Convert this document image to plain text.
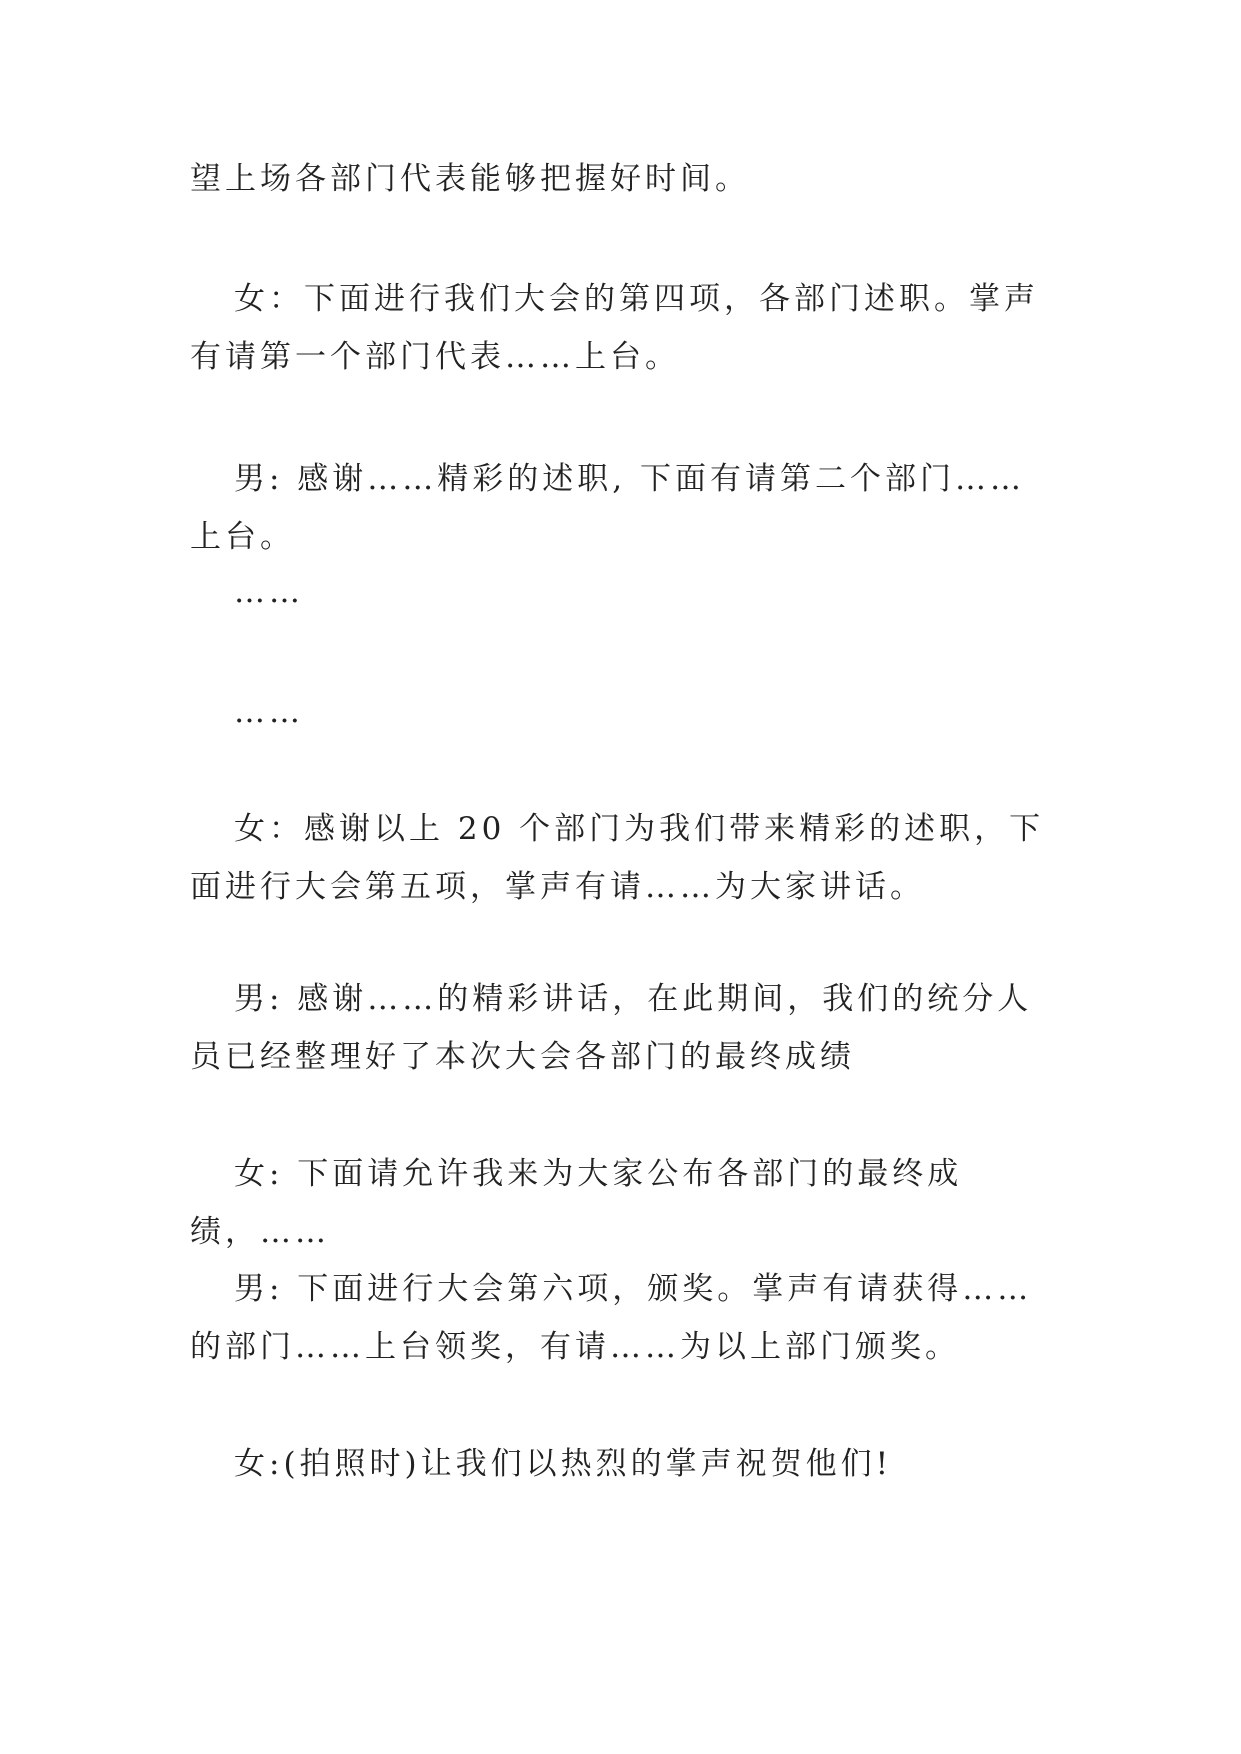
望上场各部门代表能够把握好时间。

女：下面进行我们大会的第四项，各部门述职。掌声有请第一个部门代表……上台。

男: 感谢……精彩的述职, 下面有请第二个部门……上台。

……

……

女：感谢以上 20 个部门为我们带来精彩的述职，下面进行大会第五项，掌声有请……为大家讲话。

男: 感谢……的精彩讲话，在此期间，我们的统分人员已经整理好了本次大会各部门的最终成绩

女: 下面请允许我来为大家公布各部门的最终成绩，……

男: 下面进行大会第六项，颁奖。掌声有请获得……的部门……上台领奖，有请……为以上部门颁奖。

女:(拍照时)让我们以热烈的掌声祝贺他们!
